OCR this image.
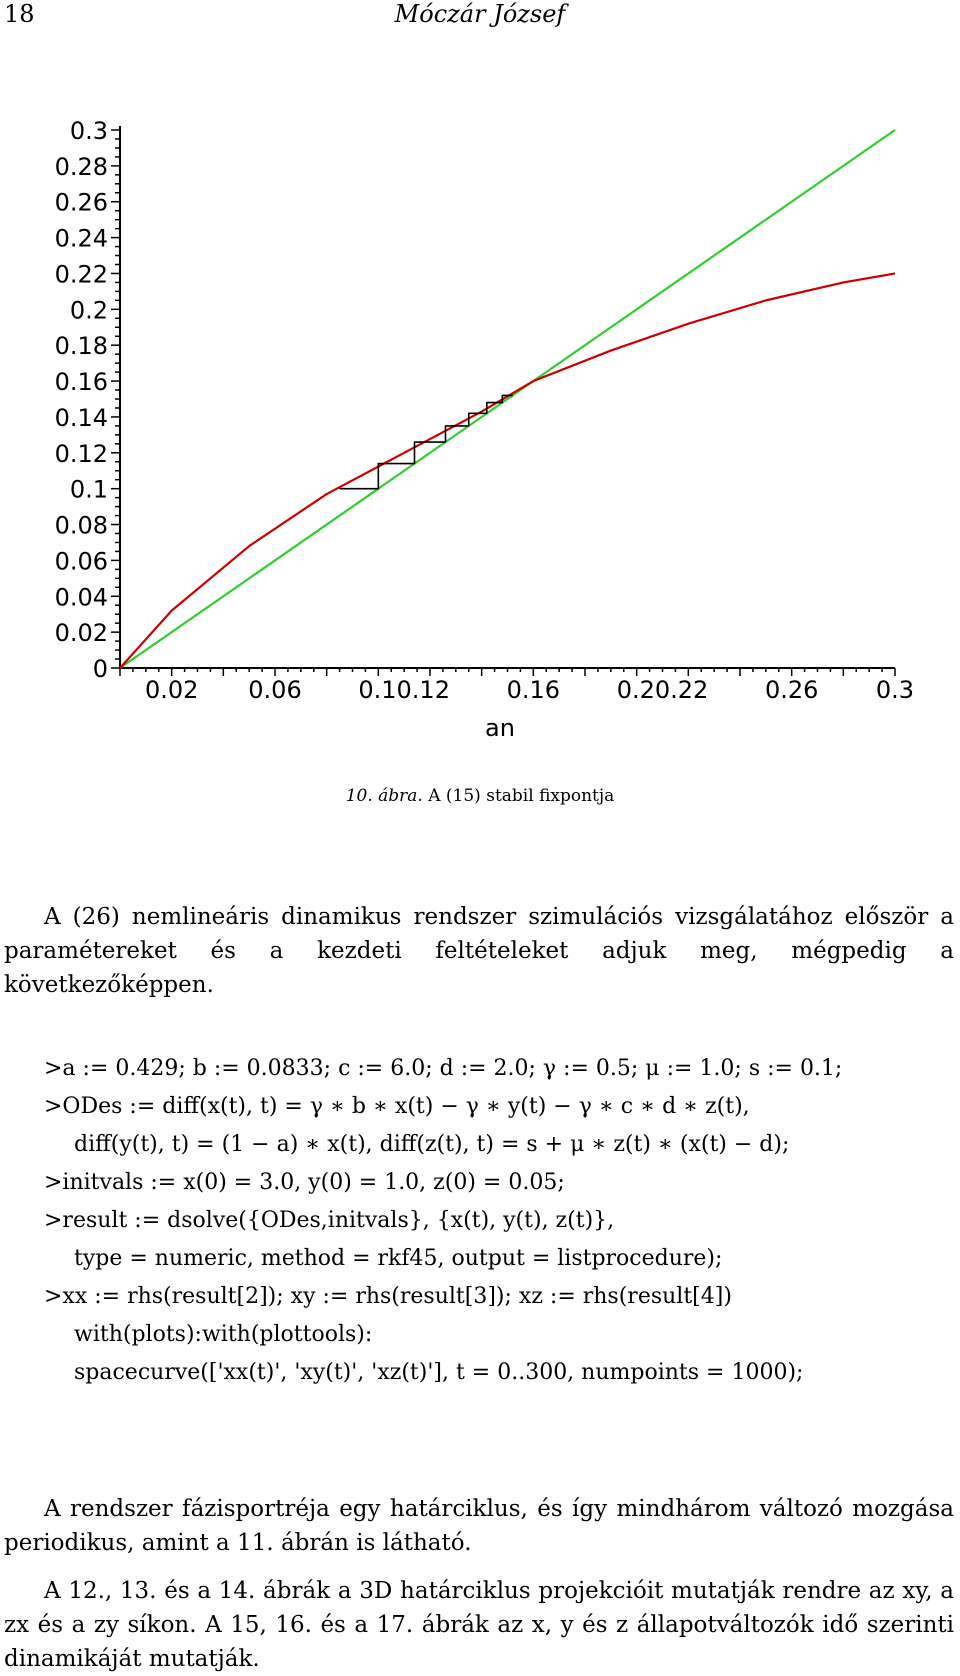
18	Móczár József
0
0.02
0.04
0.06
0.08
0.1
0.12
0.14
0.16
0.18
0.2
0.22
0.24
0.26
0.28
0.3
0.02 0.06 0.10.12 0.16 0.20.22 0.26 0.3
an
10. ábra. A (15) stabil fixpontja
A (26) nemlineáris dinamikus rendszer szimulációs vizsgálatához először a paramétereket és a kezdeti feltételeket adjuk meg, mégpedig a következőképpen.
>a := 0.429; b := 0.0833; c := 6.0; d := 2.0; γ := 0.5; μ := 1.0; s := 0.1;
>ODes := diff(x(t), t) = γ ∗ b ∗ x(t) − γ ∗ y(t) − γ ∗ c ∗ d ∗ z(t),
diff(y(t), t) = (1 − a) ∗ x(t), diff(z(t), t) = s + μ ∗ z(t) ∗ (x(t) − d);
>initvals := x(0) = 3.0, y(0) = 1.0, z(0) = 0.05;
>result := dsolve({ODes,initvals}, {x(t), y(t), z(t)},
type = numeric, method = rkf45, output = listprocedure);
>xx := rhs(result[2]); xy := rhs(result[3]); xz := rhs(result[4])
with(plots):with(plottools):
spacecurve(['xx(t)', 'xy(t)', 'xz(t)'], t = 0..300, numpoints = 1000);
A rendszer fázisportréja egy határciklus, és így mindhárom változó mozgása periodikus, amint a 11. ábrán is látható.
A 12., 13. és a 14. ábrák a 3D határciklus projekcióit mutatják rendre az xy, a zx és a zy síkon. A 15, 16. és a 17. ábrák az x, y és z állapotváltozók idő szerinti dinamikáját mutatják.
